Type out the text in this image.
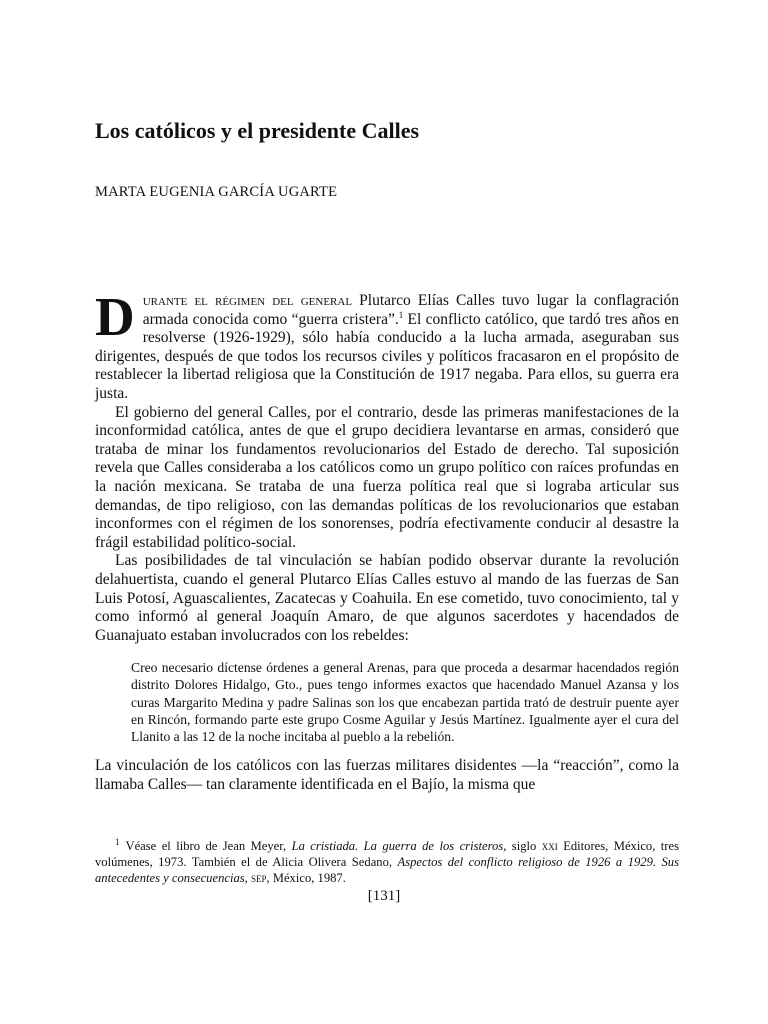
Los católicos y el presidente Calles
MARTA EUGENIA GARCÍA UGARTE

Durante el régimen del general Plutarco Elías Calles tuvo lugar la conflagración armada conocida como “guerra cristera”.$^1$ El conflicto católico, que tardó tres años en resolverse (1926-1929), sólo había conducido a la lucha armada, aseguraban sus dirigentes, después de que todos los recursos civiles y políticos fracasaron en el propósito de restablecer la libertad religiosa que la Constitución de 1917 negaba. Para ellos, su guerra era justa.

El gobierno del general Calles, por el contrario, desde las primeras manifestaciones de la inconformidad católica, antes de que el grupo decidiera levantarse en armas, consideró que trataba de minar los fundamentos revolucionarios del Estado de derecho. Tal suposición revela que Calles consideraba a los católicos como un grupo político con raíces profundas en la nación mexicana. Se trataba de una fuerza política real que si lograba articular sus demandas, de tipo religioso, con las demandas políticas de los revolucionarios que estaban inconformes con el régimen de los sonorenses, podría efectivamente conducir al desastre la frágil estabilidad político-social.

Las posibilidades de tal vinculación se habían podido observar durante la revolución delahuertista, cuando el general Plutarco Elías Calles estuvo al mando de las fuerzas de San Luis Potosí, Aguascalientes, Zacatecas y Coahuila. En ese cometido, tuvo conocimiento, tal y como informó al general Joaquín Amaro, de que algunos sacerdotes y hacendados de Guanajuato estaban involucrados con los rebeldes:

Creo necesario díctense órdenes a general Arenas, para que proceda a desarmar hacendados región distrito Dolores Hidalgo, Gto., pues tengo informes exactos que hacendado Manuel Azansa y los curas Margarito Medina y padre Salinas son los que encabezan partida trató de destruir puente ayer en Rincón, formando parte este grupo Cosme Aguilar y Jesús Martínez. Igualmente ayer el cura del Llanito a las 12 de la noche incitaba al pueblo a la rebelión.

La vinculación de los católicos con las fuerzas militares disidentes —la “reacción”, como la llamaba Calles— tan claramente identificada en el Bajío, la misma que

$^1$ Véase el libro de Jean Meyer, La cristiada. La guerra de los cristeros, siglo xxi Editores, México, tres volúmenes, 1973. También el de Alicia Olivera Sedano, Aspectos del conflicto religioso de 1926 a 1929. Sus antecedentes y consecuencias, sep, México, 1987.

[131]
